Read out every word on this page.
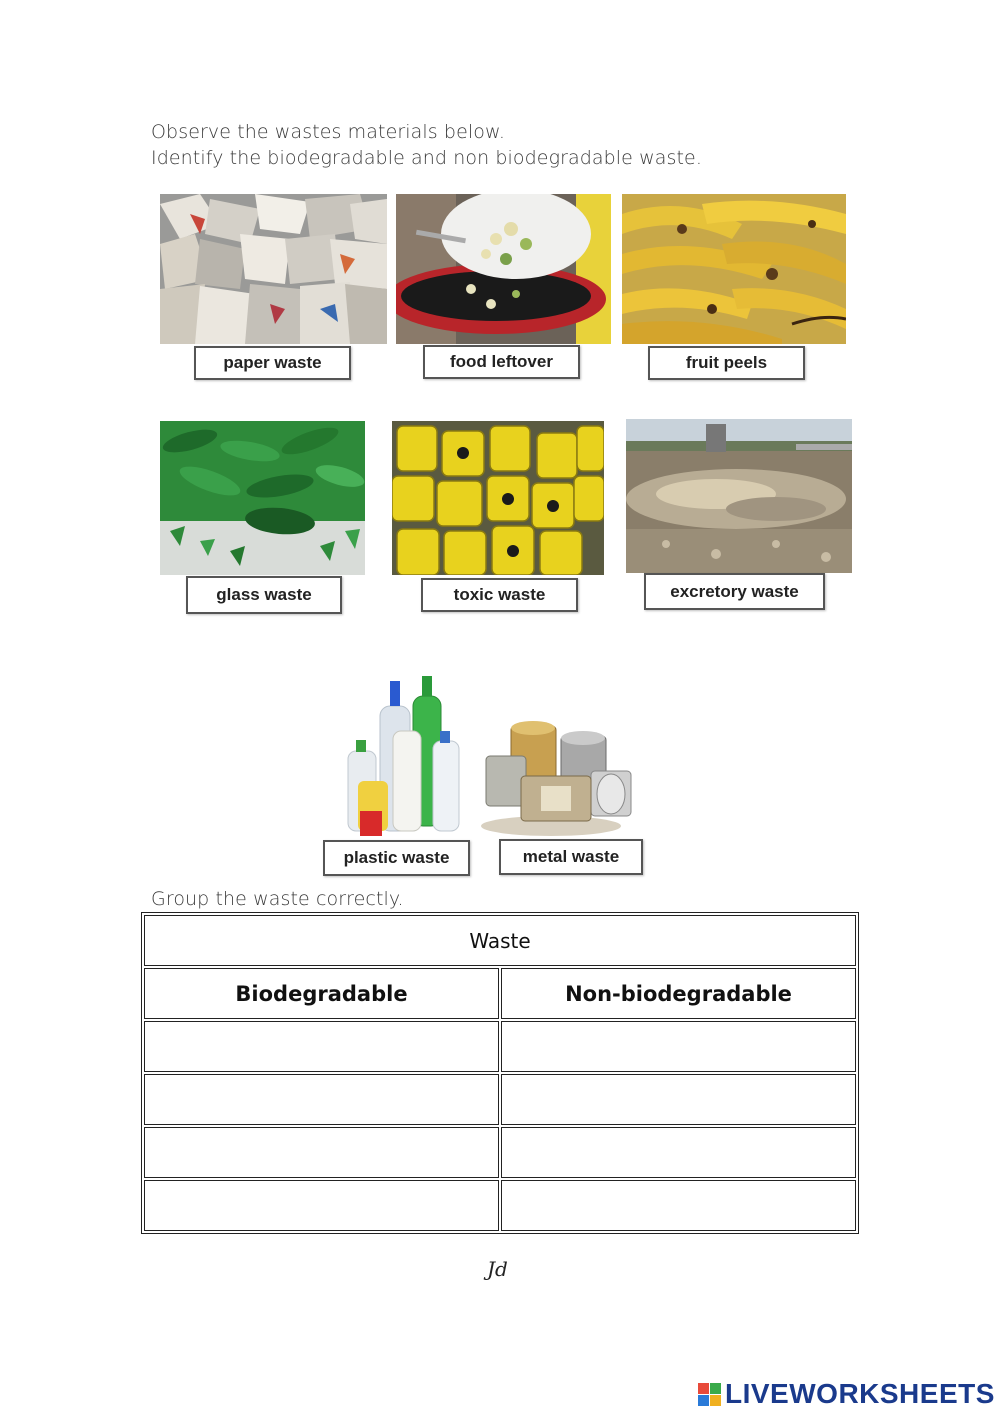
Observe the wastes materials below.
Identify the biodegradable and non biodegradable waste.
paper waste	food leftover	fruit peels
glass waste	toxic waste	excretory waste
plastic waste	metal waste
Group the waste correctly.
Waste	
Biodegradable	Non-biodegradable

Jd
LIVEWORKSHEETS
